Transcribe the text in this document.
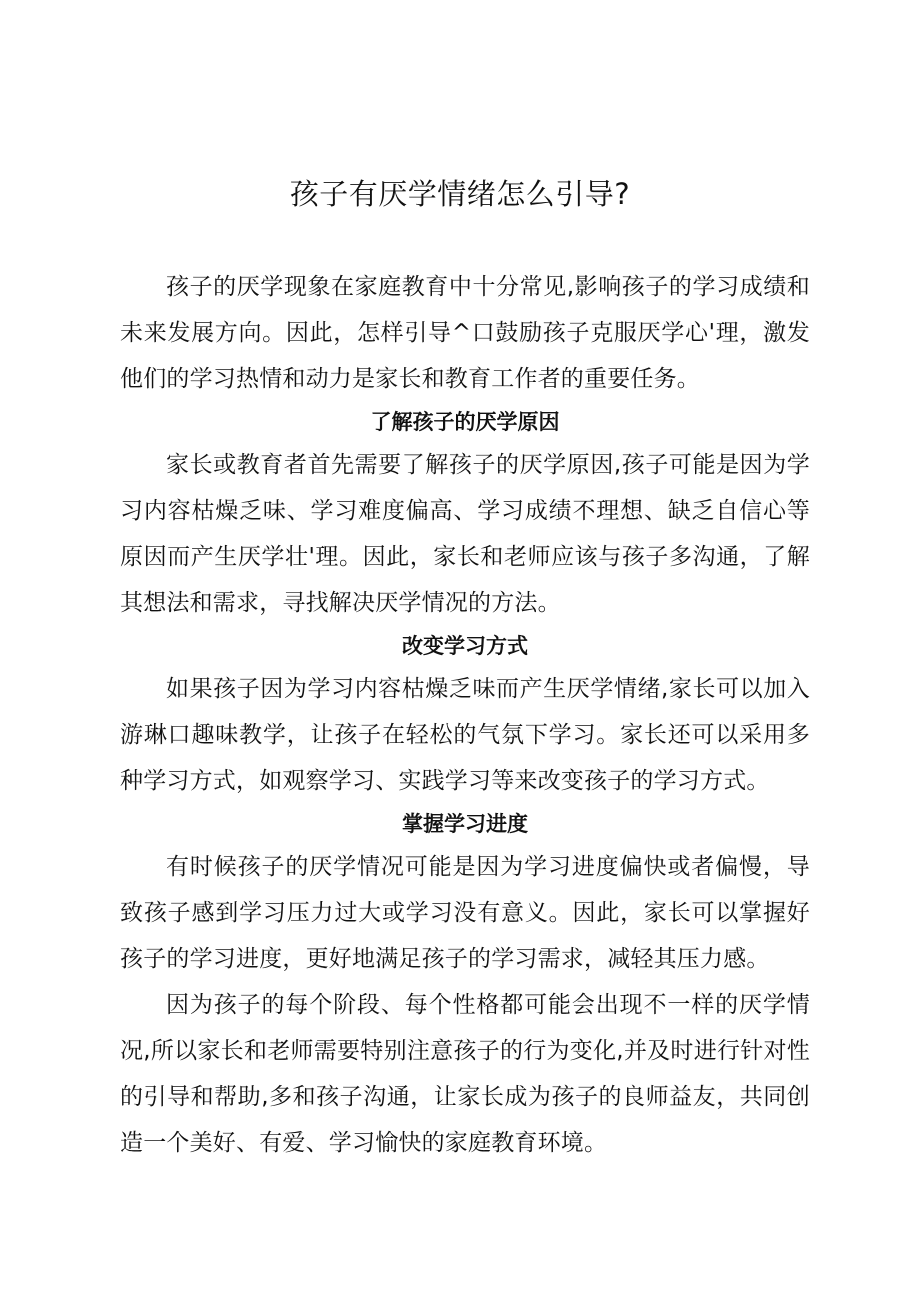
孩子有厌学情绪怎么引导?

孩子的厌学现象在家庭教育中十分常见,影响孩子的学习成绩和未来发展方向。因此，怎样引导^口鼓励孩子克服厌学心'理，激发他们的学习热情和动力是家长和教育工作者的重要任务。

了解孩子的厌学原因

家长或教育者首先需要了解孩子的厌学原因,孩子可能是因为学习内容枯燥乏味、学习难度偏高、学习成绩不理想、缺乏自信心等原因而产生厌学壮'理。因此，家长和老师应该与孩子多沟通，了解其想法和需求，寻找解决厌学情况的方法。

改变学习方式

如果孩子因为学习内容枯燥乏味而产生厌学情绪,家长可以加入游琳口趣味教学，让孩子在轻松的气氛下学习。家长还可以采用多种学习方式，如观察学习、实践学习等来改变孩子的学习方式。

掌握学习进度

有时候孩子的厌学情况可能是因为学习进度偏快或者偏慢，导致孩子感到学习压力过大或学习没有意义。因此，家长可以掌握好孩子的学习进度，更好地满足孩子的学习需求，减轻其压力感。

因为孩子的每个阶段、每个性格都可能会出现不一样的厌学情况,所以家长和老师需要特别注意孩子的行为变化,并及时进行针对性的引导和帮助,多和孩子沟通，让家长成为孩子的良师益友，共同创造一个美好、有爱、学习愉快的家庭教育环境。
